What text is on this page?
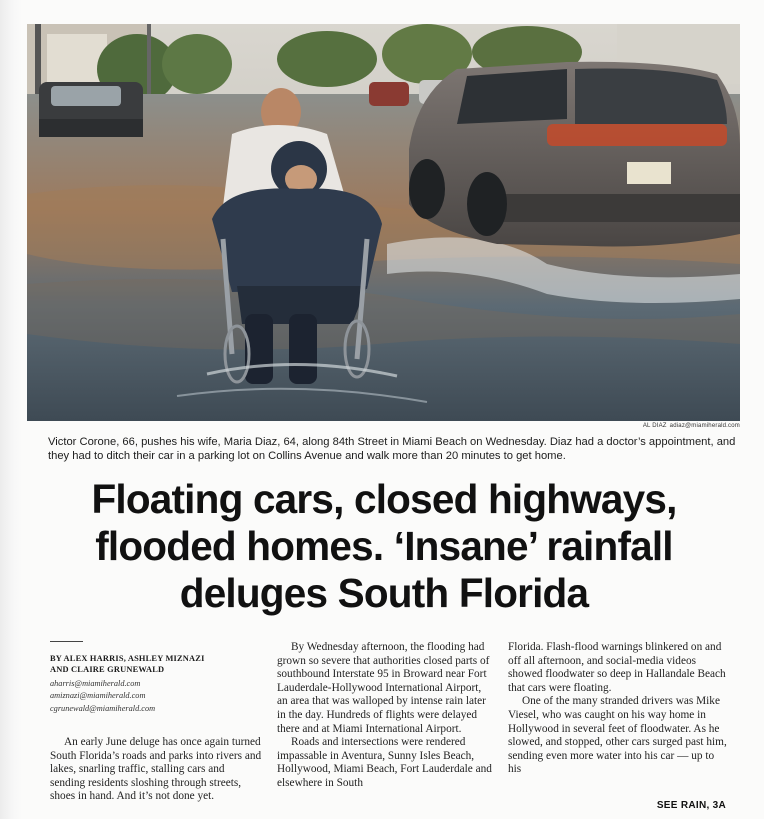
AL DIAZ adiaz@miamiherald.com
Victor Corone, 66, pushes his wife, Maria Diaz, 64, along 84th Street in Miami Beach on Wednesday. Diaz had a doctor’s appointment, and they had to ditch their car in a parking lot on Collins Avenue and walk more than 20 minutes to get home.
Floating cars, closed highways,
flooded homes. ‘Insane’ rainfall
deluges South Florida
BY ALEX HARRIS, ASHLEY MIZNAZI AND CLAIRE GRUNEWALD
aharris@miamiherald.com
amiznazi@miamiherald.com
cgrunewald@miamiherald.com

An early June deluge has once again turned South Florida’s roads and parks into rivers and lakes, snarling traffic, stalling cars and sending residents sloshing through streets, shoes in hand. And it’s not done yet.

By Wednesday afternoon, the flooding had grown so severe that authorities closed parts of southbound Interstate 95 in Broward near Fort Lauderdale-Hollywood International Airport, an area that was walloped by intense rain later in the day. Hundreds of flights were delayed there and at Miami International Airport.

Roads and intersections were rendered impassable in Aventura, Sunny Isles Beach, Hollywood, Miami Beach, Fort Lauderdale and elsewhere in South

Florida. Flash-flood warnings blinkered on and off all afternoon, and social-media videos showed floodwater so deep in Hallandale Beach that cars were floating.

One of the many stranded drivers was Mike Viesel, who was caught on his way home in Hollywood in several feet of floodwater. As he slowed, and stopped, other cars surged past him, sending even more water into his car — up to his

SEE RAIN, 3A
